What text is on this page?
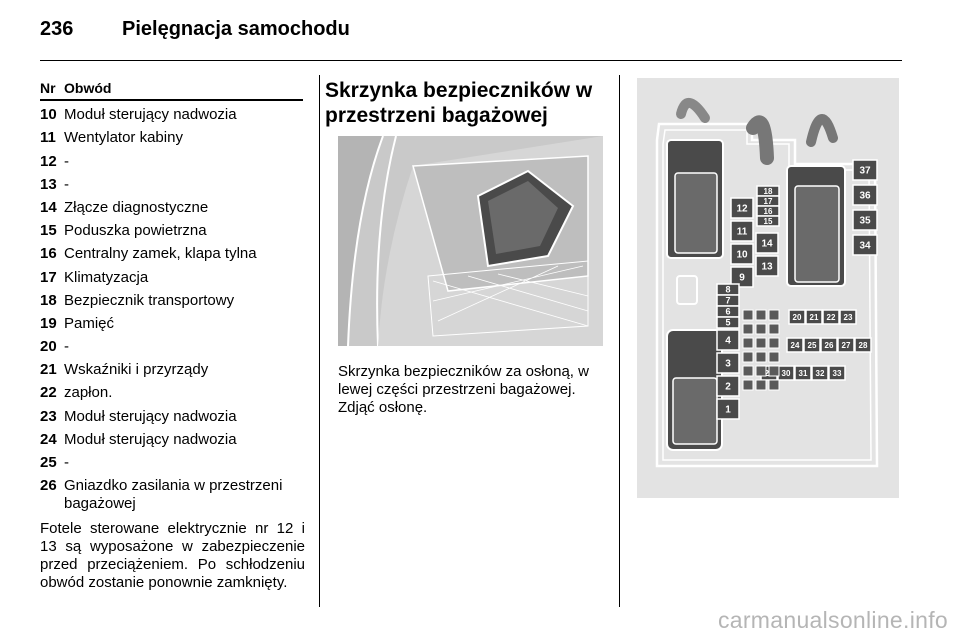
236 Pielęgnacja samochodu
Nr Obwód
10 Moduł sterujący nadwozia
11 Wentylator kabiny
12 -
13 -
14 Złącze diagnostyczne
15 Poduszka powietrzna
16 Centralny zamek, klapa tylna
17 Klimatyzacja
18 Bezpiecznik transportowy
19 Pamięć
20 -
21 Wskaźniki i przyrządy
22 zapłon.
23 Moduł sterujący nadwozia
24 Moduł sterujący nadwozia
25 -
26 Gniazdko zasilania w przestrzeni bagażowej
Fotele sterowane elektrycznie nr 12 i 13 są wyposażone w zabezpieczenie przed przeciążeniem. Po schłodzeniu obwód zostanie ponownie zamknięty.
Skrzynka bezpieczników w przestrzeni bagażowej
Skrzynka bezpieczników za osłoną, w lewej części przestrzeni bagażowej. Zdjąć osłonę.
37
36
35
34
18
17
16
15
12
11
10
14
9
13
8
7
6
5
4
3
2
1
20 21 22 23
24 25 26 27 28
30 31 32 33
carmanualsonline.info
